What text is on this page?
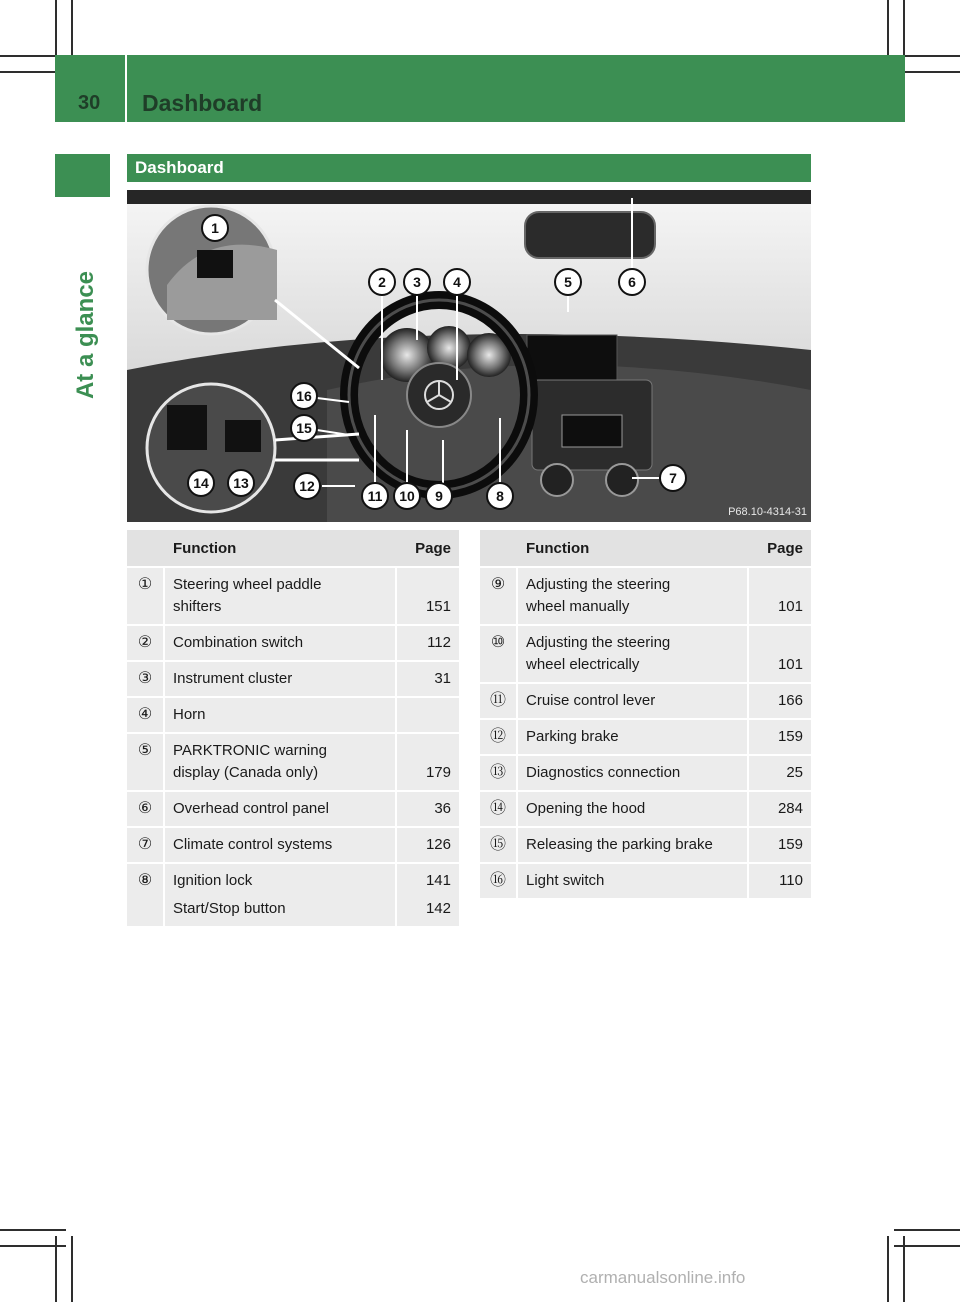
30 Dashboard
At a glance
Dashboard
P68.10-4314-31
1
2	3	4	5	6
7
8
9
10
11
12
13
14
15
16
	Function	Page
①	Steering wheel paddle
shifters	151
②	Combination switch	112
③	Instrument cluster	31
④	Horn	
⑤	PARKTRONIC warning
display (Canada only)	179
⑥	Overhead control panel	36
⑦	Climate control systems	126
⑧	Ignition lock	141
	Start/Stop button	142
	Function	Page
⑨	Adjusting the steering
wheel manually	101
⑩	Adjusting the steering
wheel electrically	101
⑪	Cruise control lever	166
⑫	Parking brake	159
⑬	Diagnostics connection	25
⑭	Opening the hood	284
⑮	Releasing the parking brake	159
⑯	Light switch	110
carmanualsonline.info
